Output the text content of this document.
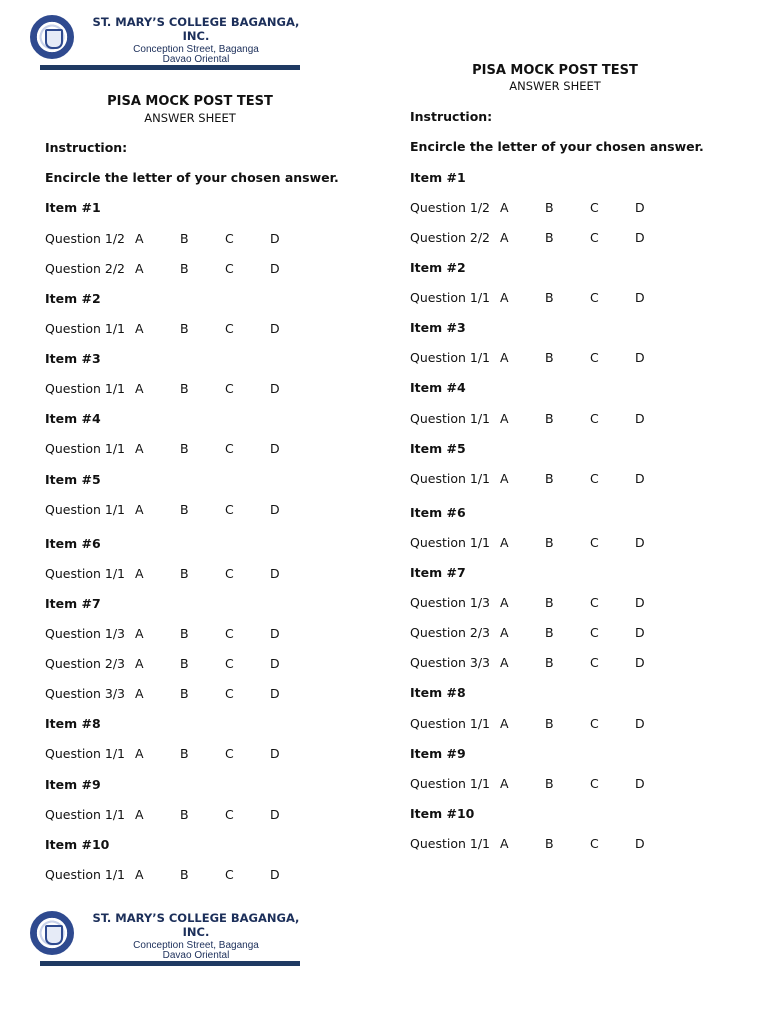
ST. MARY’S COLLEGE BAGANGA, INC.
Conception Street, Baganga
Davao Oriental
PISA MOCK POST TEST
ANSWER SHEET
Instruction:
Encircle the letter of your chosen answer.
Item #1
Question 1/2 A	B	C	D
Question 2/2 A	B	C	D
Item #2
Question 1/1 A	B	C	D
Item #3
Question 1/1 A	B	C	D
Item #4
Question 1/1 A	B	C	D
Item #5
Question 1/1 A	B	C	D
Item #6
Question 1/1 A	B	C	D
Item #7
Question 1/3 A	B	C	D
Question 2/3 A	B	C	D
Question 3/3 A	B	C	D
Item #8
Question 1/1 A	B	C	D
Item #9
Question 1/1 A	B	C	D
Item #10
Question 1/1 A	B	C	D
PISA MOCK POST TEST
ANSWER SHEET
Instruction:
Encircle the letter of your chosen answer.
Item #1
Question 1/2 A	B	C	D
Question 2/2 A	B	C	D
Item #2
Question 1/1 A	B	C	D
Item #3
Question 1/1 A	B	C	D
Item #4
Question 1/1 A	B	C	D
Item #5
Question 1/1 A	B	C	D
Item #6
Question 1/1 A	B	C	D
Item #7
Question 1/3 A	B	C	D
Question 2/3 A	B	C	D
Question 3/3 A	B	C	D
Item #8
Question 1/1 A	B	C	D
Item #9
Question 1/1 A	B	C	D
Item #10
Question 1/1 A	B	C	D
ST. MARY’S COLLEGE BAGANGA, INC.
Conception Street, Baganga
Davao Oriental
